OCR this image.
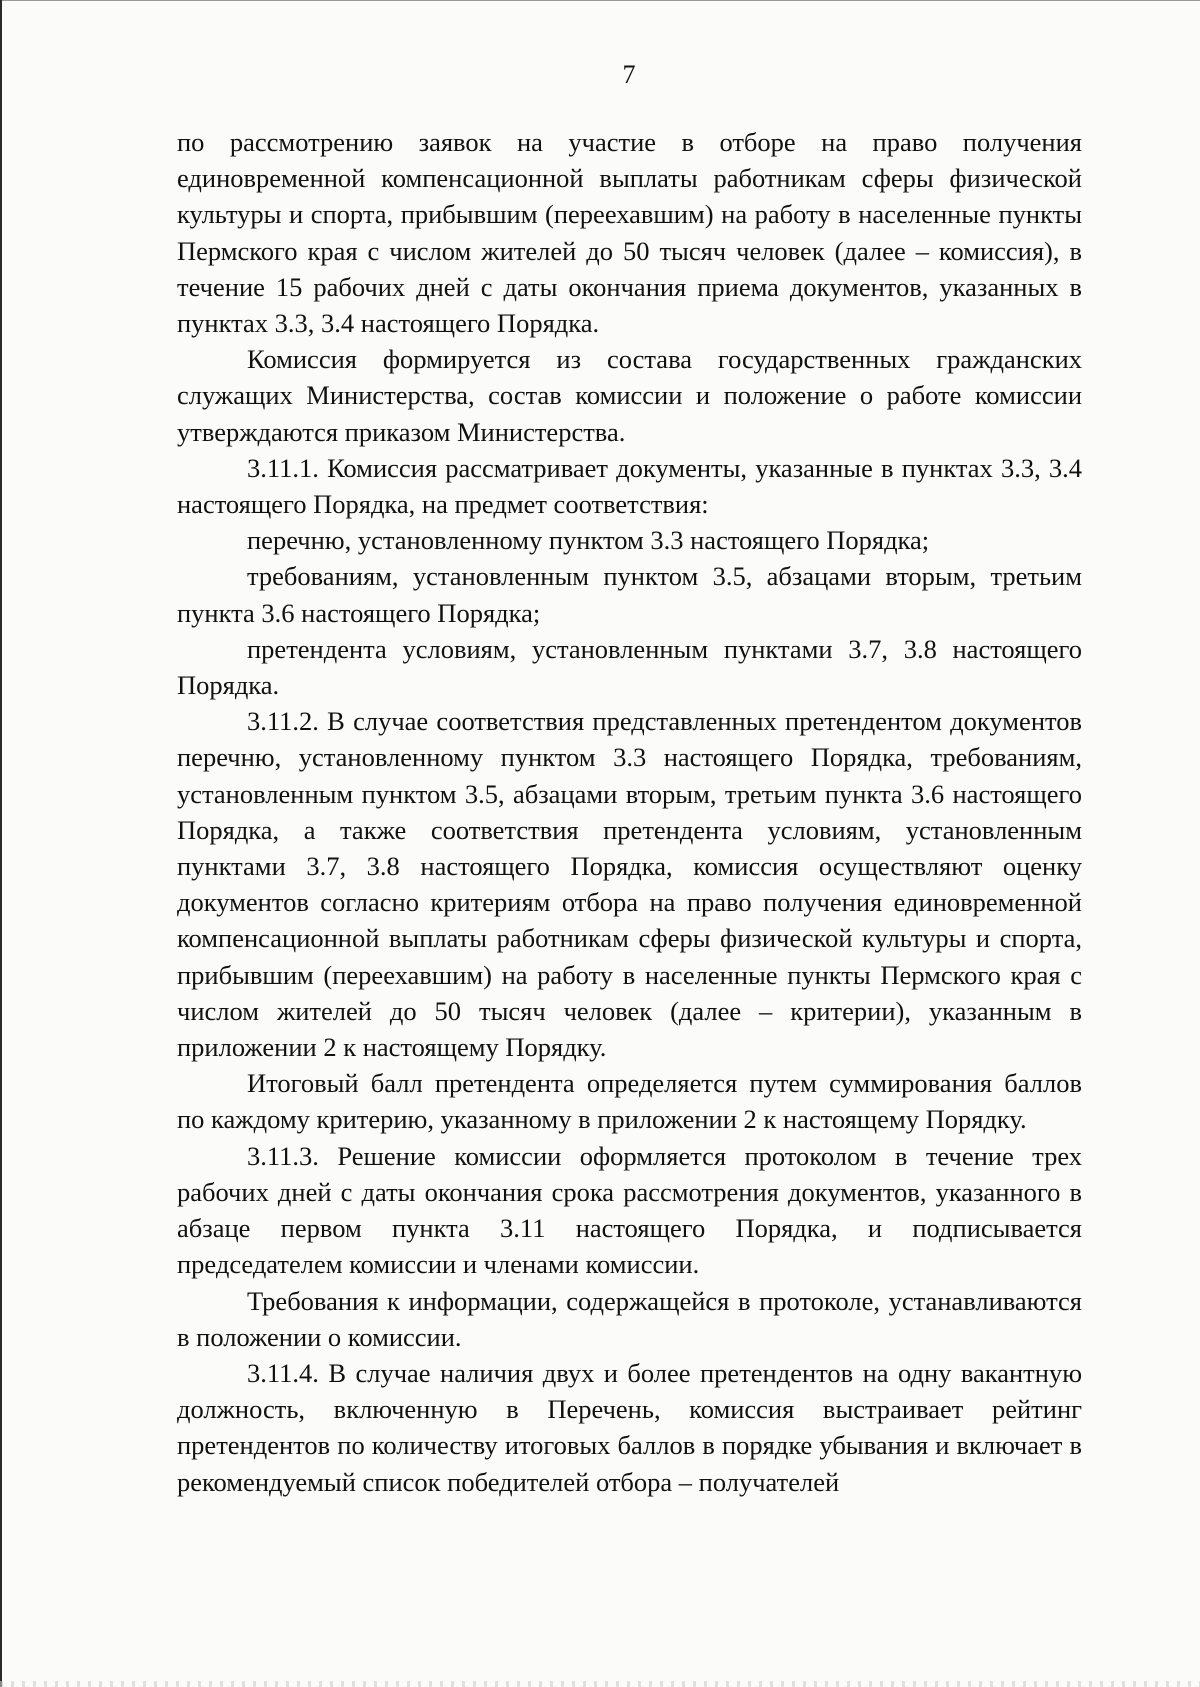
7

по рассмотрению заявок на участие в отборе на право получения единовременной компенсационной выплаты работникам сферы физической культуры и спорта, прибывшим (переехавшим) на работу в населенные пункты Пермского края с числом жителей до 50 тысяч человек (далее – комиссия), в течение 15 рабочих дней с даты окончания приема документов, указанных в пунктах 3.3, 3.4 настоящего Порядка.

Комиссия формируется из состава государственных гражданских служащих Министерства, состав комиссии и положение о работе комиссии утверждаются приказом Министерства.

3.11.1. Комиссия рассматривает документы, указанные в пунктах 3.3, 3.4 настоящего Порядка, на предмет соответствия:

перечню, установленному пунктом 3.3 настоящего Порядка;

требованиям, установленным пунктом 3.5, абзацами вторым, третьим пункта 3.6 настоящего Порядка;

претендента условиям, установленным пунктами 3.7, 3.8 настоящего Порядка.

3.11.2. В случае соответствия представленных претендентом документов перечню, установленному пунктом 3.3 настоящего Порядка, требованиям, установленным пунктом 3.5, абзацами вторым, третьим пункта 3.6 настоящего Порядка, а также соответствия претендента условиям, установленным пунктами 3.7, 3.8 настоящего Порядка, комиссия осуществляют оценку документов согласно критериям отбора на право получения единовременной компенсационной выплаты работникам сферы физической культуры и спорта, прибывшим (переехавшим) на работу в населенные пункты Пермского края с числом жителей до 50 тысяч человек (далее – критерии), указанным в приложении 2 к настоящему Порядку.

Итоговый балл претендента определяется путем суммирования баллов по каждому критерию, указанному в приложении 2 к настоящему Порядку.

3.11.3. Решение комиссии оформляется протоколом в течение трех рабочих дней с даты окончания срока рассмотрения документов, указанного в абзаце первом пункта 3.11 настоящего Порядка, и подписывается председателем комиссии и членами комиссии.

Требования к информации, содержащейся в протоколе, устанавливаются в положении о комиссии.

3.11.4. В случае наличия двух и более претендентов на одну вакантную должность, включенную в Перечень, комиссия выстраивает рейтинг претендентов по количеству итоговых баллов в порядке убывания и включает в рекомендуемый список победителей отбора – получателей
